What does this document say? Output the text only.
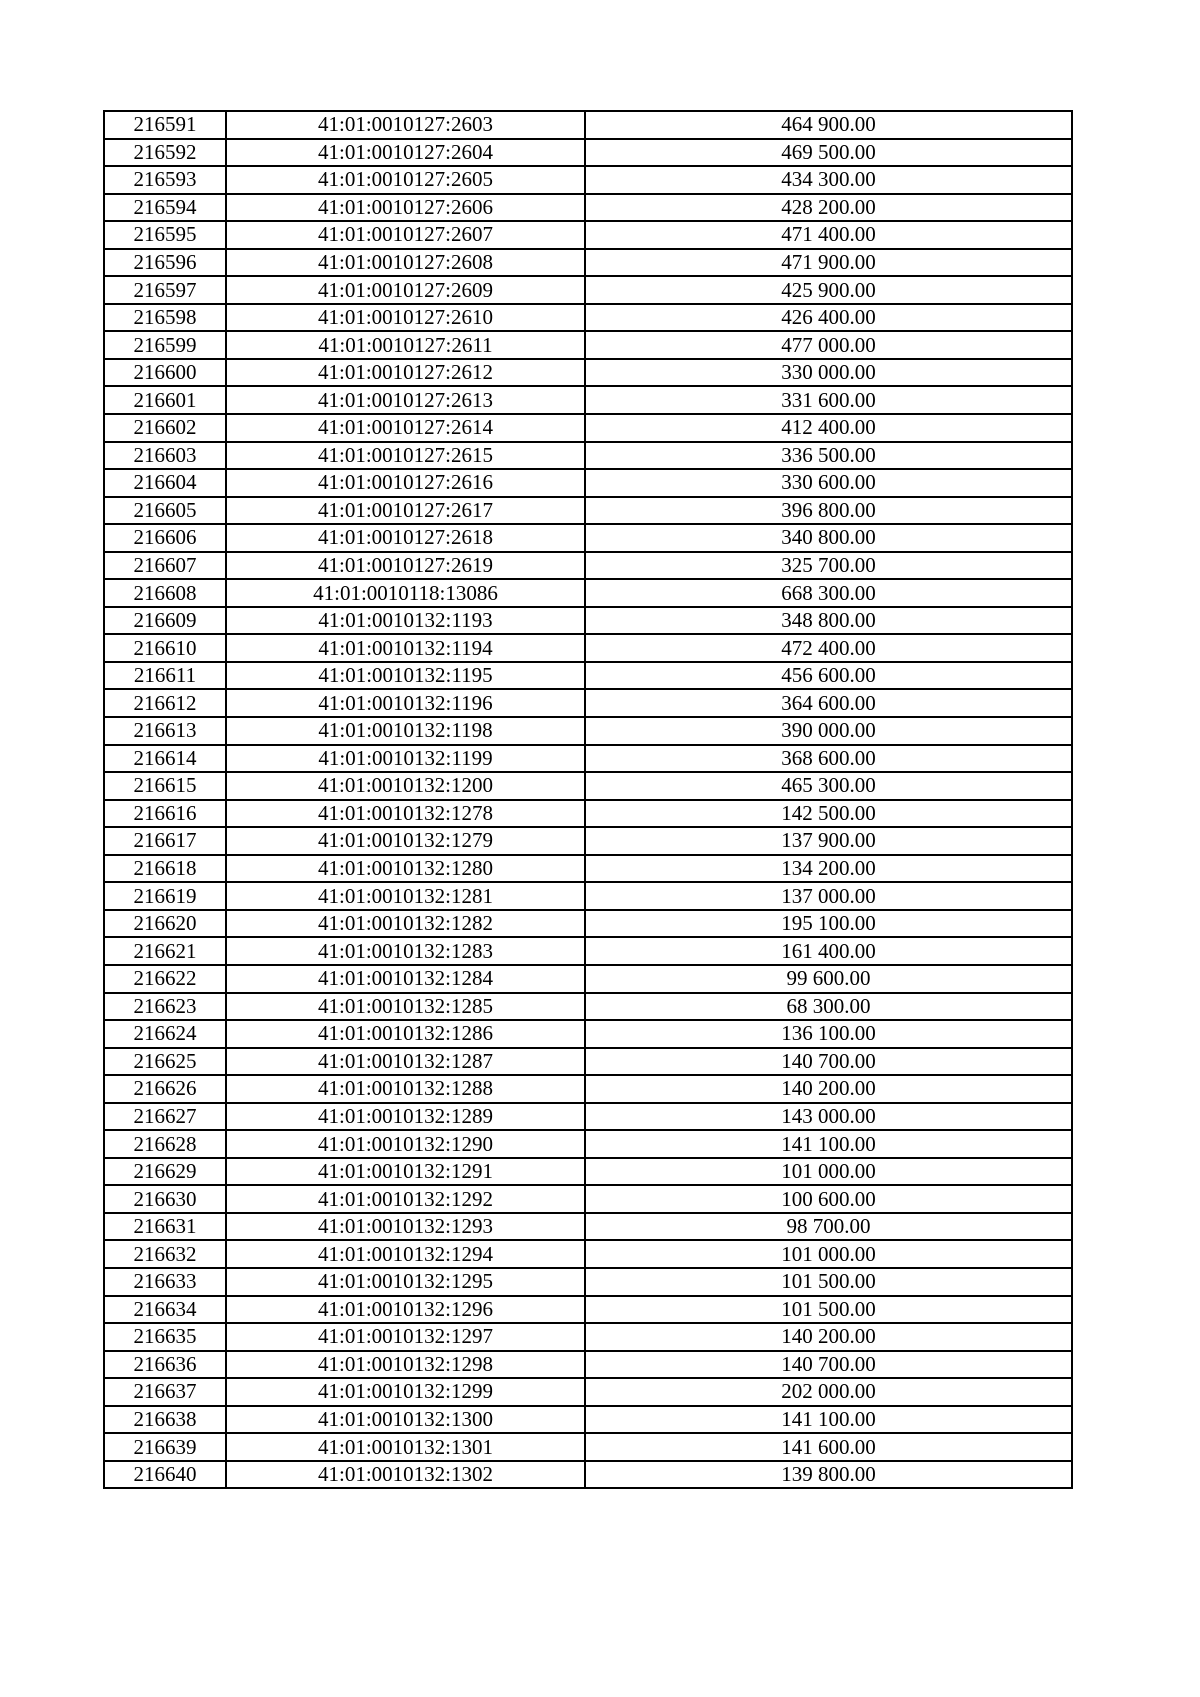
216591	41:01:0010127:2603	464 900.00
216592	41:01:0010127:2604	469 500.00
216593	41:01:0010127:2605	434 300.00
216594	41:01:0010127:2606	428 200.00
216595	41:01:0010127:2607	471 400.00
216596	41:01:0010127:2608	471 900.00
216597	41:01:0010127:2609	425 900.00
216598	41:01:0010127:2610	426 400.00
216599	41:01:0010127:2611	477 000.00
216600	41:01:0010127:2612	330 000.00
216601	41:01:0010127:2613	331 600.00
216602	41:01:0010127:2614	412 400.00
216603	41:01:0010127:2615	336 500.00
216604	41:01:0010127:2616	330 600.00
216605	41:01:0010127:2617	396 800.00
216606	41:01:0010127:2618	340 800.00
216607	41:01:0010127:2619	325 700.00
216608	41:01:0010118:13086	668 300.00
216609	41:01:0010132:1193	348 800.00
216610	41:01:0010132:1194	472 400.00
216611	41:01:0010132:1195	456 600.00
216612	41:01:0010132:1196	364 600.00
216613	41:01:0010132:1198	390 000.00
216614	41:01:0010132:1199	368 600.00
216615	41:01:0010132:1200	465 300.00
216616	41:01:0010132:1278	142 500.00
216617	41:01:0010132:1279	137 900.00
216618	41:01:0010132:1280	134 200.00
216619	41:01:0010132:1281	137 000.00
216620	41:01:0010132:1282	195 100.00
216621	41:01:0010132:1283	161 400.00
216622	41:01:0010132:1284	99 600.00
216623	41:01:0010132:1285	68 300.00
216624	41:01:0010132:1286	136 100.00
216625	41:01:0010132:1287	140 700.00
216626	41:01:0010132:1288	140 200.00
216627	41:01:0010132:1289	143 000.00
216628	41:01:0010132:1290	141 100.00
216629	41:01:0010132:1291	101 000.00
216630	41:01:0010132:1292	100 600.00
216631	41:01:0010132:1293	98 700.00
216632	41:01:0010132:1294	101 000.00
216633	41:01:0010132:1295	101 500.00
216634	41:01:0010132:1296	101 500.00
216635	41:01:0010132:1297	140 200.00
216636	41:01:0010132:1298	140 700.00
216637	41:01:0010132:1299	202 000.00
216638	41:01:0010132:1300	141 100.00
216639	41:01:0010132:1301	141 600.00
216640	41:01:0010132:1302	139 800.00
